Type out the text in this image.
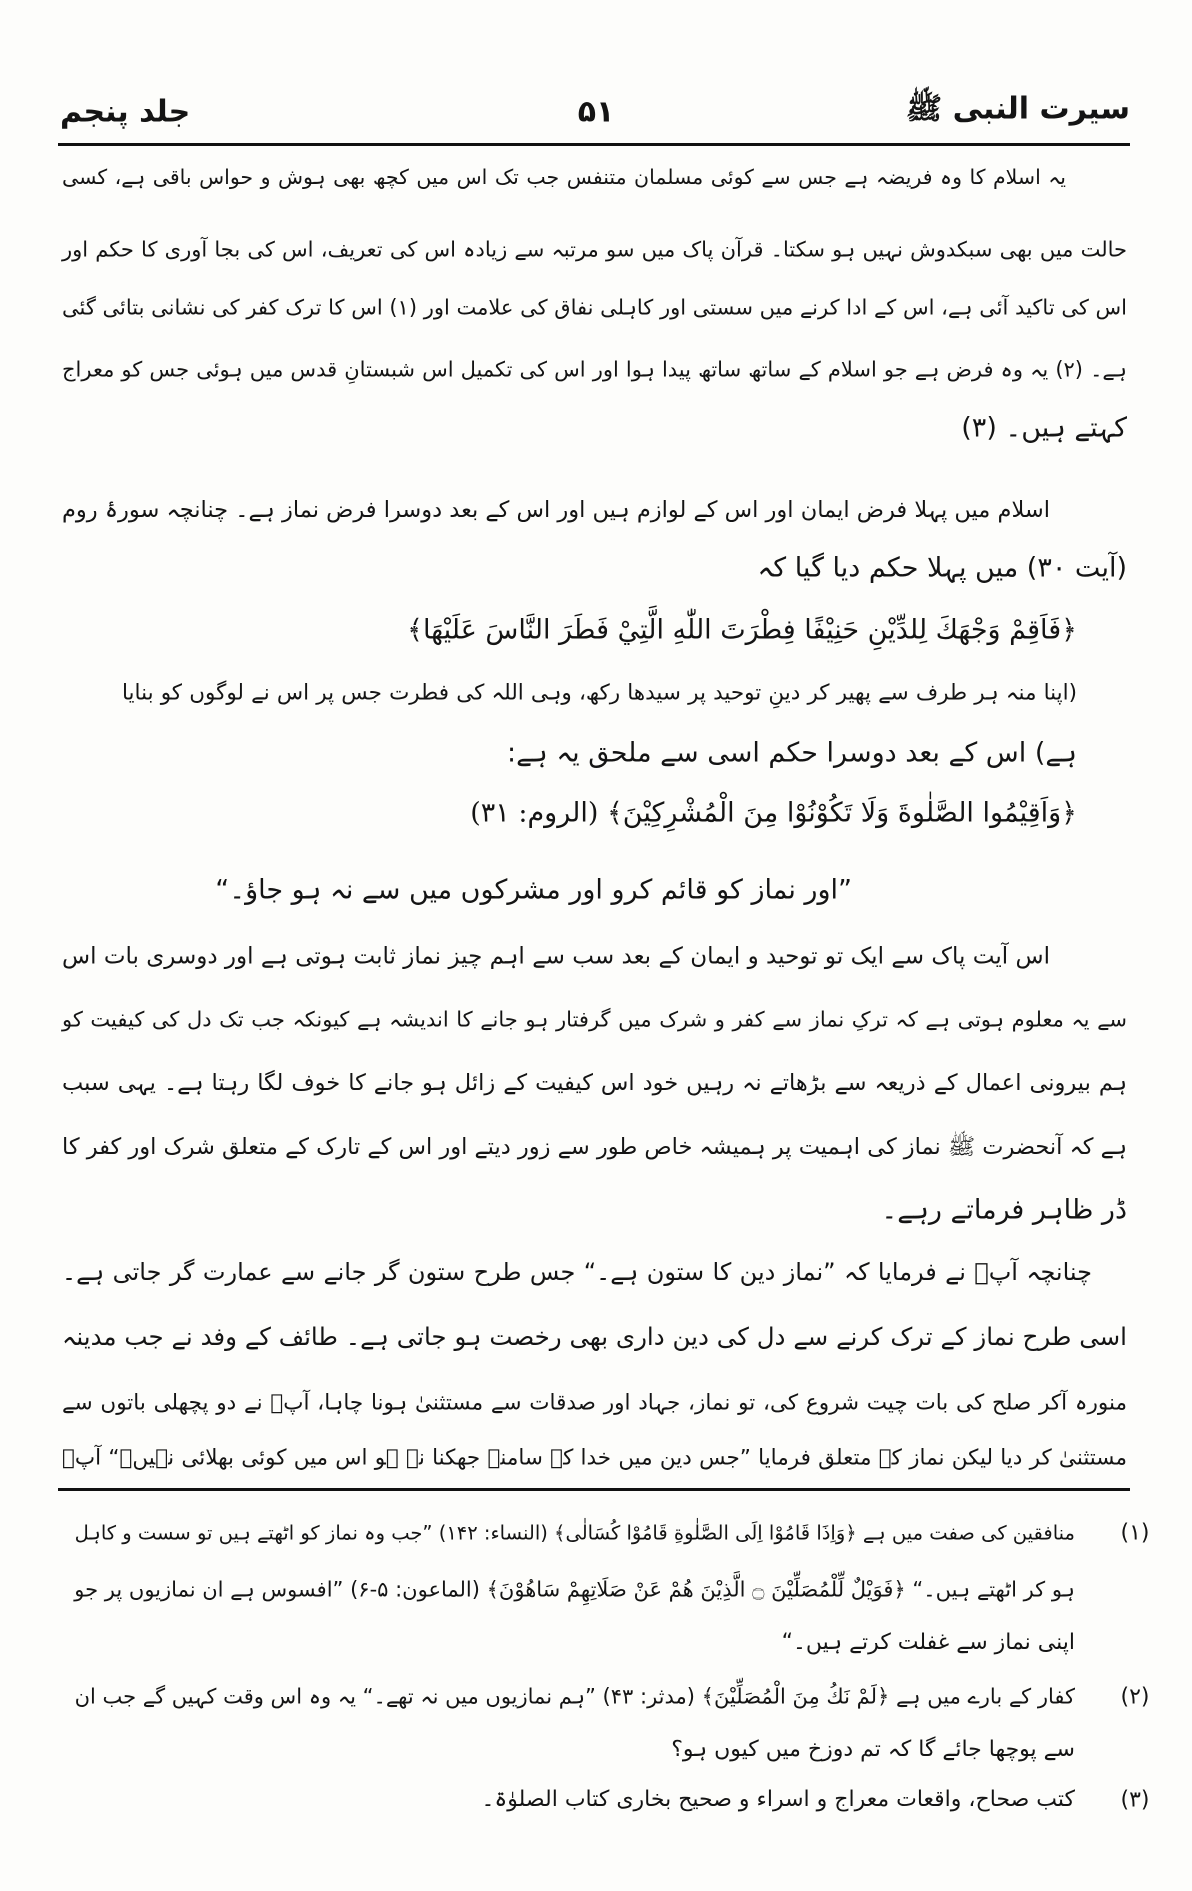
سیرت النبی ﷺ
۵۱
جلد پنجم
یہ اسلام کا وہ فریضہ ہے جس سے کوئی مسلمان متنفس جب تک اس میں کچھ بھی ہوش و حواس باقی ہے، کسی
حالت میں بھی سبکدوش نہیں ہو سکتا۔ قرآن پاک میں سو مرتبہ سے زیادہ اس کی تعریف، اس کی بجا آوری کا حکم اور
اس کی تاکید آئی ہے، اس کے ادا کرنے میں سستی اور کاہلی نفاق کی علامت اور (۱) اس کا ترک کفر کی نشانی بتائی گئی
ہے۔ (۲) یہ وہ فرض ہے جو اسلام کے ساتھ ساتھ پیدا ہوا اور اس کی تکمیل اس شبستانِ قدس میں ہوئی جس کو معراج
کہتے ہیں۔ (۳)
اسلام میں پہلا فرض ایمان اور اس کے لوازم ہیں اور اس کے بعد دوسرا فرض نماز ہے۔ چنانچہ سورۂ روم
(آیت ۳۰) میں پہلا حکم دیا گیا کہ
﴿فَاَقِمْ وَجْهَكَ لِلدِّيْنِ حَنِيْفًا فِطْرَتَ اللّٰهِ الَّتِيْ فَطَرَ النَّاسَ عَلَيْهَا﴾
(اپنا منہ ہر طرف سے پھیر کر دینِ توحید پر سیدھا رکھ، وہی اللہ کی فطرت جس پر اس نے لوگوں کو بنایا
ہے) اس کے بعد دوسرا حکم اسی سے ملحق یہ ہے:
﴿وَاَقِيْمُوا الصَّلٰوةَ وَلَا تَكُوْنُوْا مِنَ الْمُشْرِكِيْنَ﴾ (الروم: ۳۱)
”اور نماز کو قائم کرو اور مشرکوں میں سے نہ ہو جاؤ۔“
اس آیت پاک سے ایک تو توحید و ایمان کے بعد سب سے اہم چیز نماز ثابت ہوتی ہے اور دوسری بات اس
سے یہ معلوم ہوتی ہے کہ ترکِ نماز سے کفر و شرک میں گرفتار ہو جانے کا اندیشہ ہے کیونکہ جب تک دل کی کیفیت کو
ہم بیرونی اعمال کے ذریعہ سے بڑھاتے نہ رہیں خود اس کیفیت کے زائل ہو جانے کا خوف لگا رہتا ہے۔ یہی سبب
ہے کہ آنحضرت ﷺ نماز کی اہمیت پر ہمیشہ خاص طور سے زور دیتے اور اس کے تارک کے متعلق شرک اور کفر کا
ڈر ظاہر فرماتے رہے۔
چنانچہ آپؐ نے فرمایا کہ ”نماز دین کا ستون ہے۔“ جس طرح ستون گر جانے سے عمارت گر جاتی ہے۔
اسی طرح نماز کے ترک کرنے سے دل کی دین داری بھی رخصت ہو جاتی ہے۔ طائف کے وفد نے جب مدینہ
منورہ آکر صلح کی بات چیت شروع کی، تو نماز، جہاد اور صدقات سے مستثنیٰ ہونا چاہا، آپؐ نے دو پچھلی باتوں سے
مستثنیٰ کر دیا لیکن نماز کے متعلق فرمایا ”جس دین میں خدا کے سامنے جھکنا نہ ہو اس میں کوئی بھلائی نہیں۔“ آپؐ
(۱)
منافقین کی صفت میں ہے ﴿وَاِذَا قَامُوْا اِلَى الصَّلٰوةِ قَامُوْا كُسَالٰى﴾ (النساء: ۱۴۲) ”جب وہ نماز کو اٹھتے ہیں تو سست و کاہل
ہو کر اٹھتے ہیں۔“ ﴿فَوَيْلٌ لِّلْمُصَلِّيْنَ ۝ الَّذِيْنَ هُمْ عَنْ صَلَاتِهِمْ سَاهُوْنَ﴾ (الماعون: ۵-۶) ”افسوس ہے ان نمازیوں پر جو
اپنی نماز سے غفلت کرتے ہیں۔“
(۲)
کفار کے بارے میں ہے ﴿لَمْ نَكُ مِنَ الْمُصَلِّيْنَ﴾ (مدثر: ۴۳) ”ہم نمازیوں میں نہ تھے۔“ یہ وہ اس وقت کہیں گے جب ان
سے پوچھا جائے گا کہ تم دوزخ میں کیوں ہو؟
(۳)
کتب صحاح، واقعات معراج و اسراء و صحیح بخاری کتاب الصلوٰۃ۔
